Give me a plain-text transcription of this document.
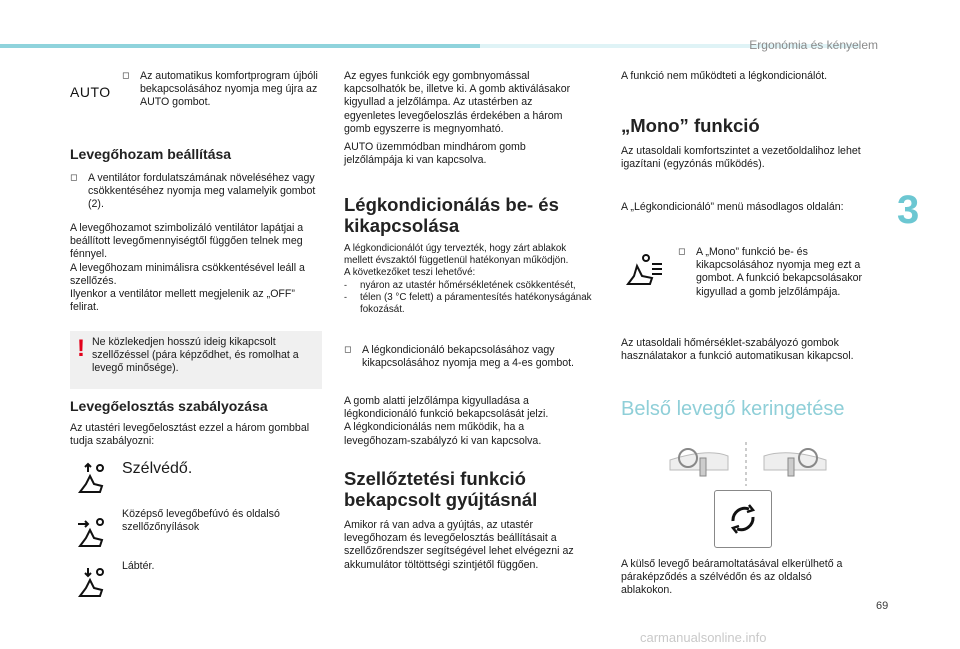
Ergonómia és kényelem
3
AUTO
◻ Az automatikus komfortprogram újbóli bekapcsolásához nyomja meg újra az AUTO gombot.

Levegőhozam beállítása
◻ A ventilátor fordulatszámának növeléséhez vagy csökkentéséhez nyomja meg valamelyik gombot (2).

A levegőhozamot szimbolizáló ventilátor lapátjai a beállított levegőmennyiségtől függően telnek meg fénnyel.

A levegőhozam minimálisra csökkentésével leáll a szellőzés.

Ilyenkor a ventilátor mellett megjelenik az „OFF” felirat.

! Ne közlekedjen hosszú ideig kikapcsolt szellőzéssel (pára képződhet, és romolhat a levegő minősége).

Levegőelosztás szabályozása

Az utastéri levegőelosztást ezzel a három gombbal tudja szabályozni:

Szélvédő.

Középső levegőbefúvó és oldalsó szellőzőnyílások

Lábtér.

Az egyes funkciók egy gombnyomással kapcsolhatók be, illetve ki. A gomb aktiválásakor kigyullad a jelzőlámpa. Az utastérben az egyenletes levegőeloszlás érdekében a három gomb egyszerre is megnyomható.

AUTO üzemmódban mindhárom gomb jelzőlámpája ki van kapcsolva.

Légkondicionálás be- és kikapcsolása

A légkondicionálót úgy tervezték, hogy zárt ablakok mellett évszaktól függetlenül hatékonyan működjön.

A következőket teszi lehetővé:

-	nyáron az utastér hőmérsékletének csökkentését,

-	télen (3 °C felett) a páramentesítés hatékonyságának fokozását.

◻ A légkondicionáló bekapcsolásához vagy kikapcsolásához nyomja meg a 4-es gombot.

A gomb alatti jelzőlámpa kigyulladása a légkondicionáló funkció bekapcsolását jelzi.

A légkondicionálás nem működik, ha a levegőhozam-szabályzó ki van kapcsolva.

Szellőztetési funkció bekapcsolt gyújtásnál

Amikor rá van adva a gyújtás, az utastér levegőhozam és levegőelosztás beállításait a szellőzőrendszer segítségével lehet elvégezni az akkumulátor töltöttségi szintjétől függően.

A funkció nem működteti a légkondicionálót.

„Mono” funkció

Az utasoldali komfortszintet a vezetőoldalihoz lehet igazítani (egyzónás működés).

A „Légkondicionáló” menü másodlagos oldalán:

◻ A „Mono” funkció be- és kikapcsolásához nyomja meg ezt a gombot. A funkció bekapcsolásakor kigyullad a gomb jelzőlámpája.

Az utasoldali hőmérséklet-szabályozó gombok használatakor a funkció automatikusan kikapcsol.

Belső levegő keringetése

A külső levegő beáramoltatásával elkerülhető a páraképződés a szélvédőn és az oldalsó ablakokon.

69
carmanualsonline.info
